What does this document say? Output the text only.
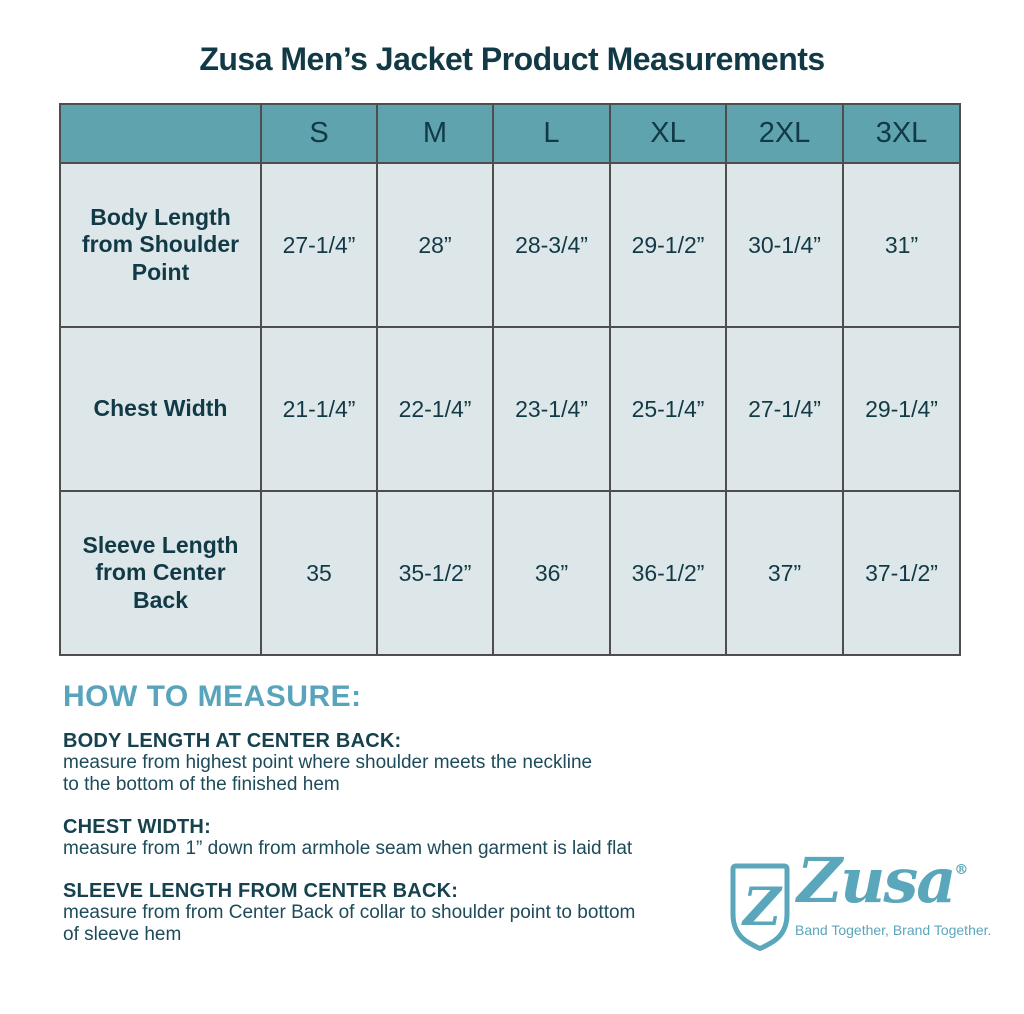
Zusa Men’s Jacket Product Measurements
	S	M	L	XL	2XL	3XL
Body Length from Shoulder Point	27-1/4”	28”	28-3/4”	29-1/2”	30-1/4”	31”
Chest Width	21-1/4”	22-1/4”	23-1/4”	25-1/4”	27-1/4”	29-1/4”
Sleeve Length from Center Back	35	35-1/2”	36”	36-1/2”	37”	37-1/2”
HOW TO MEASURE:
BODY LENGTH AT CENTER BACK:
measure from highest point where shoulder meets the neckline
to the bottom of the finished hem
CHEST WIDTH:
measure from 1” down from armhole seam when garment is laid flat
SLEEVE LENGTH FROM CENTER BACK:
measure from from Center Back of collar to shoulder point to bottom
of sleeve hem	Z Zusa®
Band Together, Brand Together.
